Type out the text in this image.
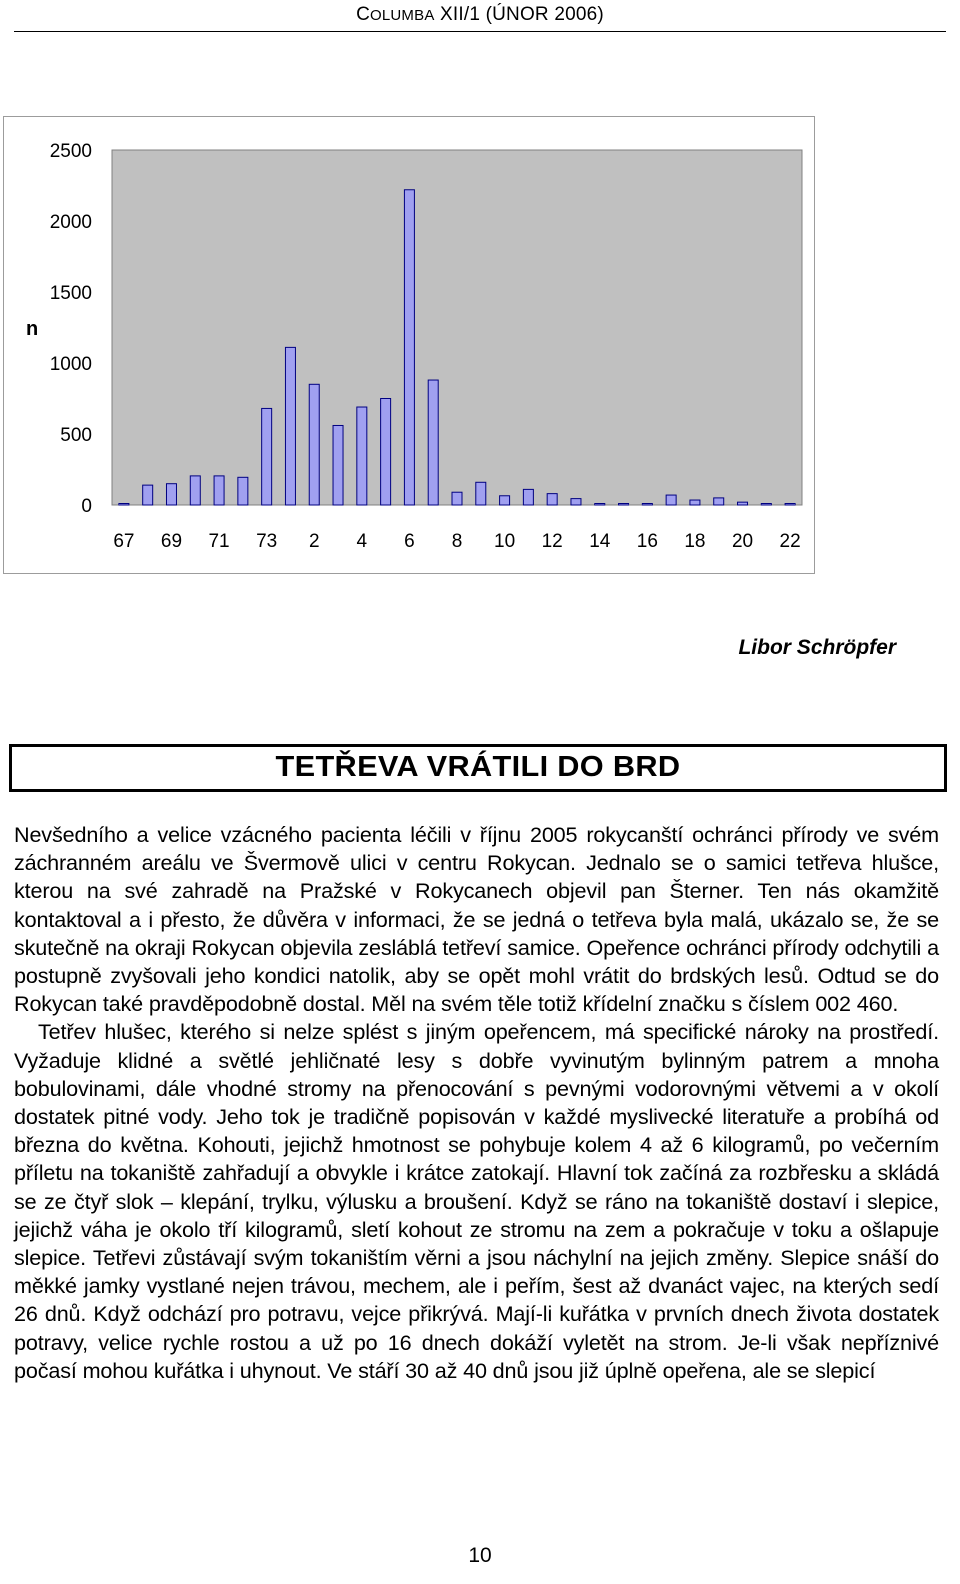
COLUMBA XII/1 (ÚNOR 2006)
0
500
1000
1500
2000
2500
67 69 71 73 2 4 6 8 10 12 14 16 18 20 22
n
Libor Schröpfer
TETŘEVA VRÁTILI DO BRD

Nevšedního a velice vzácného pacienta léčili v říjnu 2005 rokycanští ochránci přírody ve svém záchranném areálu ve Švermově ulici v centru Rokycan. Jednalo se o samici tetřeva hlušce, kterou na své zahradě na Pražské v Rokycanech objevil pan Šterner. Ten nás okamžitě kontaktoval a i přesto, že důvěra v informaci, že se jedná o tetřeva byla malá, ukázalo se, že se skutečně na okraji Rokycan objevila zesláblá tetřeví samice. Opeřence ochránci přírody odchytili a postupně zvyšovali jeho kondici natolik, aby se opět mohl vrátit do brdských lesů. Odtud se do Rokycan také pravděpodobně dostal. Měl na svém těle totiž křídelní značku s číslem 002 460.

Tetřev hlušec, kterého si nelze splést s jiným opeřencem, má specifické nároky na prostředí. Vyžaduje klidné a světlé jehličnaté lesy s dobře vyvinutým bylinným patrem a mnoha bobulovinami, dále vhodné stromy na přenocování s pevnými vodorovnými větvemi a v okolí dostatek pitné vody. Jeho tok je tradičně popisován v každé myslivecké literatuře a probíhá od března do května. Kohouti, jejichž hmotnost se pohybuje kolem 4 až 6 kilogramů, po večerním příletu na tokaniště zahřadují a obvykle i krátce zatokají. Hlavní tok začíná za rozbřesku a skládá se ze čtyř slok – klepání, trylku, výlusku a broušení. Když se ráno na tokaniště dostaví i slepice, jejichž váha je okolo tří kilogramů, sletí kohout ze stromu na zem a pokračuje v toku a ošlapuje slepice. Tetřevi zůstávají svým tokaništím věrni a jsou náchylní na jejich změny. Slepice snáší do měkké jamky vystlané nejen trávou, mechem, ale i peřím, šest až dvanáct vajec, na kterých sedí 26 dnů. Když odchází pro potravu, vejce přikrývá. Mají-li kuřátka v prvních dnech života dostatek potravy, velice rychle rostou a už po 16 dnech dokáží vyletět na strom. Je-li však nepříznivé počasí mohou kuřátka i uhynout. Ve stáří 30 až 40 dnů jsou již úplně opeřena, ale se slepicí

10
